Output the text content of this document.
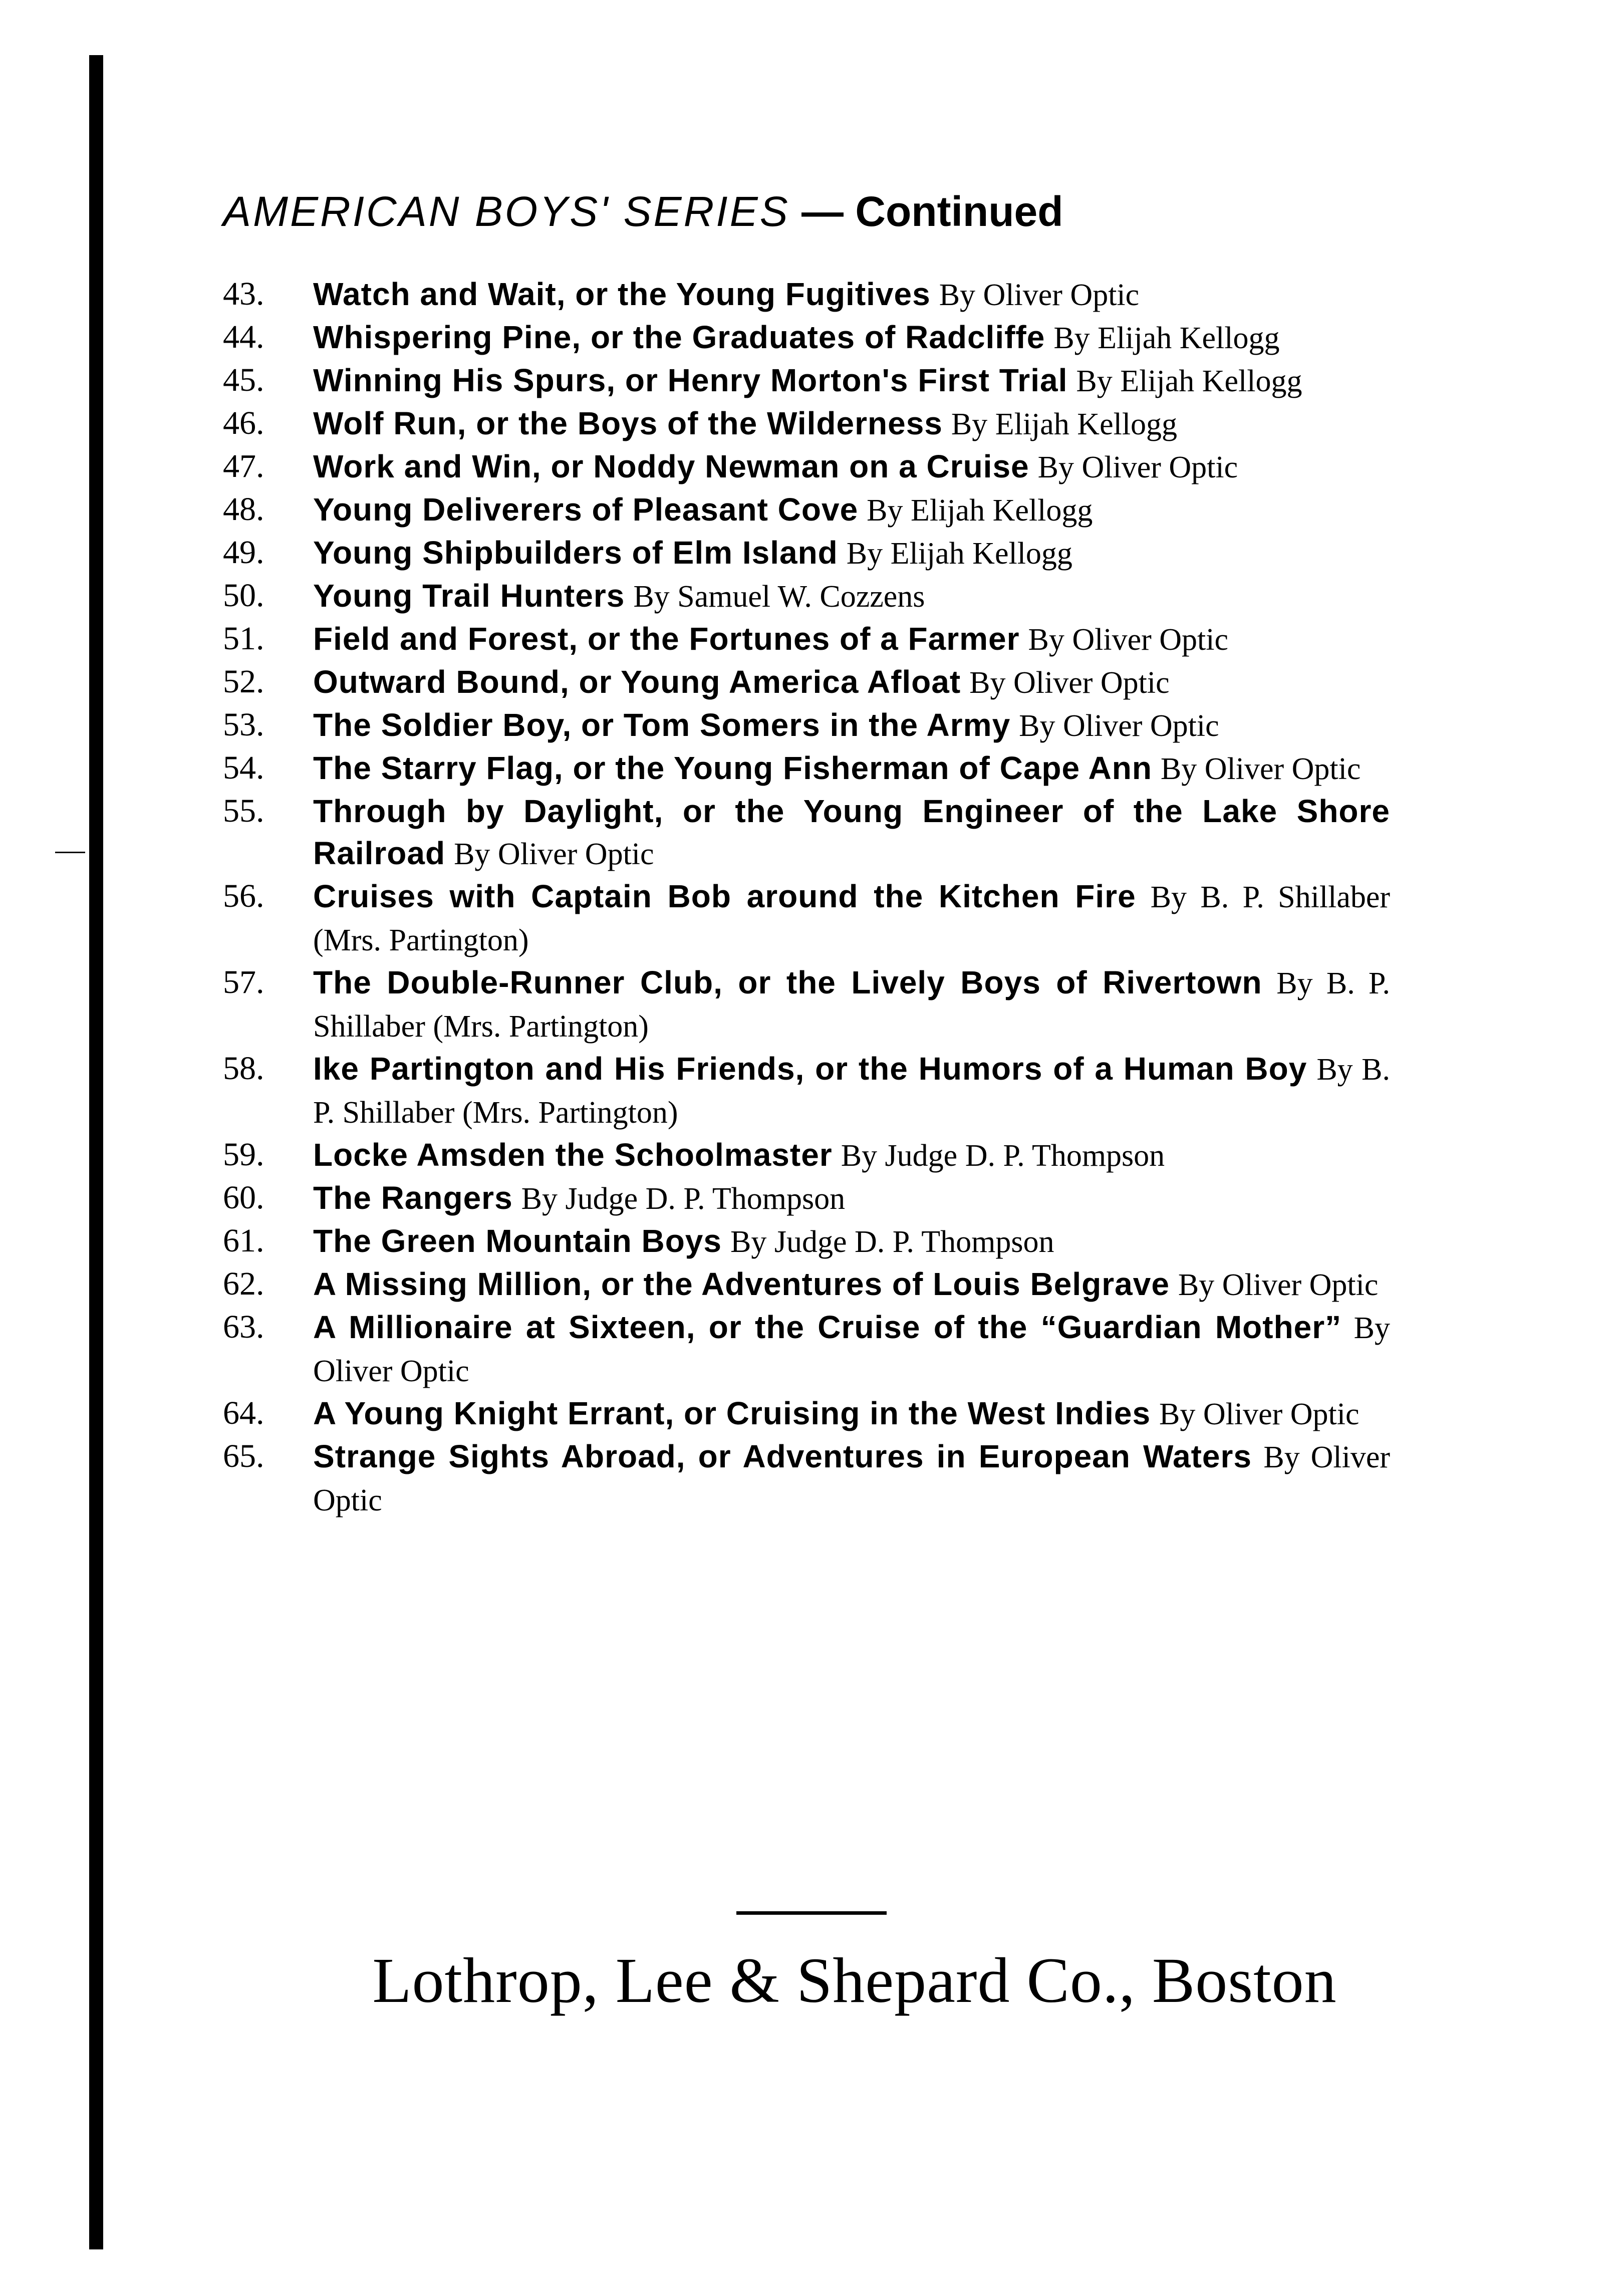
AMERICAN BOYS' SERIES — Continued
43.	Watch and Wait, or the Young Fugitives By Oliver Optic
44.	Whispering Pine, or the Graduates of Radcliffe By Elijah Kellogg
45.	Winning His Spurs, or Henry Morton's First Trial By Elijah Kellogg
46.	Wolf Run, or the Boys of the Wilderness By Elijah Kellogg
47.	Work and Win, or Noddy Newman on a Cruise By Oliver Optic
48.	Young Deliverers of Pleasant Cove By Elijah Kellogg
49.	Young Shipbuilders of Elm Island By Elijah Kellogg
50.	Young Trail Hunters By Samuel W. Cozzens
51.	Field and Forest, or the Fortunes of a Farmer By Oliver Optic
52.	Outward Bound, or Young America Afloat By Oliver Optic
53.	The Soldier Boy, or Tom Somers in the Army By Oliver Optic
54.	The Starry Flag, or the Young Fisherman of Cape Ann By Oliver Optic
55.	Through by Daylight, or the Young Engineer of the Lake Shore Railroad By Oliver Optic
56.	Cruises with Captain Bob around the Kitchen Fire By B. P. Shillaber (Mrs. Partington)
57.	The Double-Runner Club, or the Lively Boys of Rivertown By B. P. Shillaber (Mrs. Partington)
58.	Ike Partington and His Friends, or the Humors of a Human Boy By B. P. Shillaber (Mrs. Partington)
59.	Locke Amsden the Schoolmaster By Judge D. P. Thompson
60.	The Rangers By Judge D. P. Thompson
61.	The Green Mountain Boys By Judge D. P. Thompson
62.	A Missing Million, or the Adventures of Louis Belgrave By Oliver Optic
63.	A Millionaire at Sixteen, or the Cruise of the “Guardian Mother” By Oliver Optic
64.	A Young Knight Errant, or Cruising in the West Indies By Oliver Optic
65.	Strange Sights Abroad, or Adventures in European Waters By Oliver Optic
Lothrop, Lee & Shepard Co., Boston
